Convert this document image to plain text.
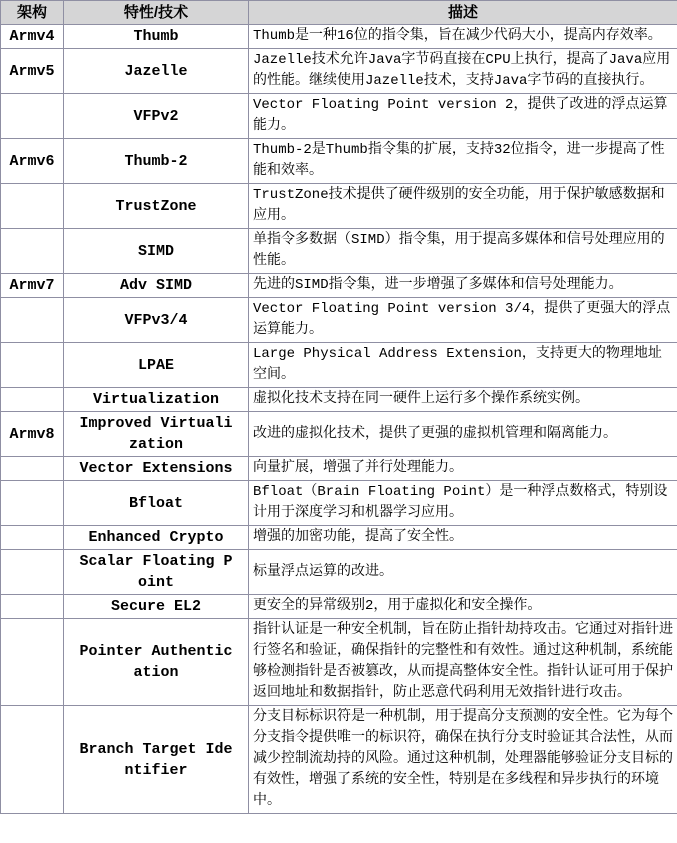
架构	特性/技术	描述
Armv4	Thumb	Thumb是一种16位的指令集，旨在减少代码大小，提高内存效率。
Armv5	Jazelle	Jazelle技术允许Java字节码直接在CPU上执行，提高了Java应用的性能。继续使用Jazelle技术，支持Java字节码的直接执行。
	VFPv2	Vector Floating Point version 2，提供了改进的浮点运算能力。
Armv6	Thumb-2	Thumb-2是Thumb指令集的扩展，支持32位指令，进一步提高了性能和效率。
	TrustZone	TrustZone技术提供了硬件级别的安全功能，用于保护敏感数据和应用。
	SIMD	单指令多数据（SIMD）指令集，用于提高多媒体和信号处理应用的性能。
Armv7	Adv SIMD	先进的SIMD指令集，进一步增强了多媒体和信号处理能力。
	VFPv3/4	Vector Floating Point version 3/4，提供了更强大的浮点运算能力。
	LPAE	Large Physical Address Extension，支持更大的物理地址空间。
	Virtualization	虚拟化技术支持在同一硬件上运行多个操作系统实例。
Armv8	Improved Virtualization	改进的虚拟化技术，提供了更强的虚拟机管理和隔离能力。
	Vector Extensions	向量扩展，增强了并行处理能力。
	Bfloat	Bfloat（Brain Floating Point）是一种浮点数格式，特别设计用于深度学习和机器学习应用。
	Enhanced Crypto	增强的加密功能，提高了安全性。
	Scalar Floating Point	标量浮点运算的改进。
	Secure EL2	更安全的异常级别2，用于虚拟化和安全操作。
	Pointer Authentication	指针认证是一种安全机制，旨在防止指针劫持攻击。它通过对指针进行签名和验证，确保指针的完整性和有效性。通过这种机制，系统能够检测指针是否被篡改，从而提高整体安全性。指针认证可用于保护返回地址和数据指针，防止恶意代码利用无效指针进行攻击。
	Branch Target Identifier	分支目标标识符是一种机制，用于提高分支预测的安全性。它为每个分支指令提供唯一的标识符，确保在执行分支时验证其合法性，从而减少控制流劫持的风险。通过这种机制，处理器能够验证分支目标的有效性，增强了系统的安全性，特别是在多线程和异步执行的环境中。
